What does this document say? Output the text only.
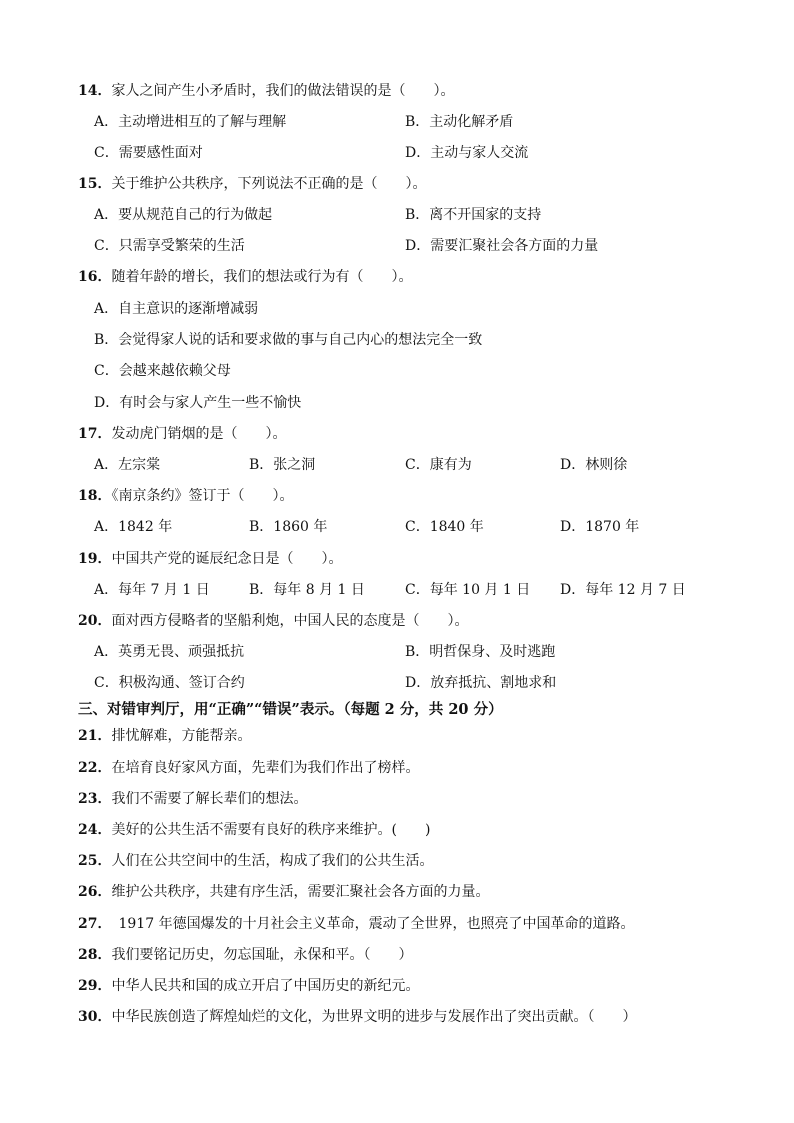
14．家人之间产生小矛盾时，我们的做法错误的是（　　）。
A．主动增进相互的了解与理解	B．主动化解矛盾
C．需要感性面对	D．主动与家人交流
15．关于维护公共秩序，下列说法不正确的是（　　）。
A．要从规范自己的行为做起	B．离不开国家的支持
C．只需享受繁荣的生活	D．需要汇聚社会各方面的力量
16．随着年龄的增长，我们的想法或行为有（　　）。
A．自主意识的逐渐增减弱
B．会觉得家人说的话和要求做的事与自己内心的想法完全一致
C．会越来越依赖父母
D．有时会与家人产生一些不愉快
17．发动虎门销烟的是（　　）。
A．左宗棠	B．张之洞	C．康有为	D．林则徐
18．《南京条约》签订于（　　）。
A．1842 年	B．1860 年	C．1840 年	D．1870 年
19．中国共产党的诞辰纪念日是（　　）。
A．每年 7 月 1 日	B．每年 8 月 1 日	C．每年 10 月 1 日 D．每年 12 月 7 日
20．面对西方侵略者的坚船利炮，中国人民的态度是（　　）。
A．英勇无畏、顽强抵抗	B．明哲保身、及时逃跑
C．积极沟通、签订合约	D．放弃抵抗、割地求和
三、对错审判厅，用“正确”“错误”表示。（每题 2 分，共 20 分）
21．排忧解难，方能帮亲。
22．在培育良好家风方面，先辈们为我们作出了榜样。
23．我们不需要了解长辈们的想法。
24．美好的公共生活不需要有良好的秩序来维护。(　　)
25．人们在公共空间中的生活，构成了我们的公共生活。
26．维护公共秩序，共建有序生活，需要汇聚社会各方面的力量。
27．　1917 年德国爆发的十月社会主义革命，震动了全世界，也照亮了中国革命的道路。
28．我们要铭记历史，勿忘国耻，永保和平。（　　）
29．中华人民共和国的成立开启了中国历史的新纪元。
30．中华民族创造了辉煌灿烂的文化，为世界文明的进步与发展作出了突出贡献。（　　）
